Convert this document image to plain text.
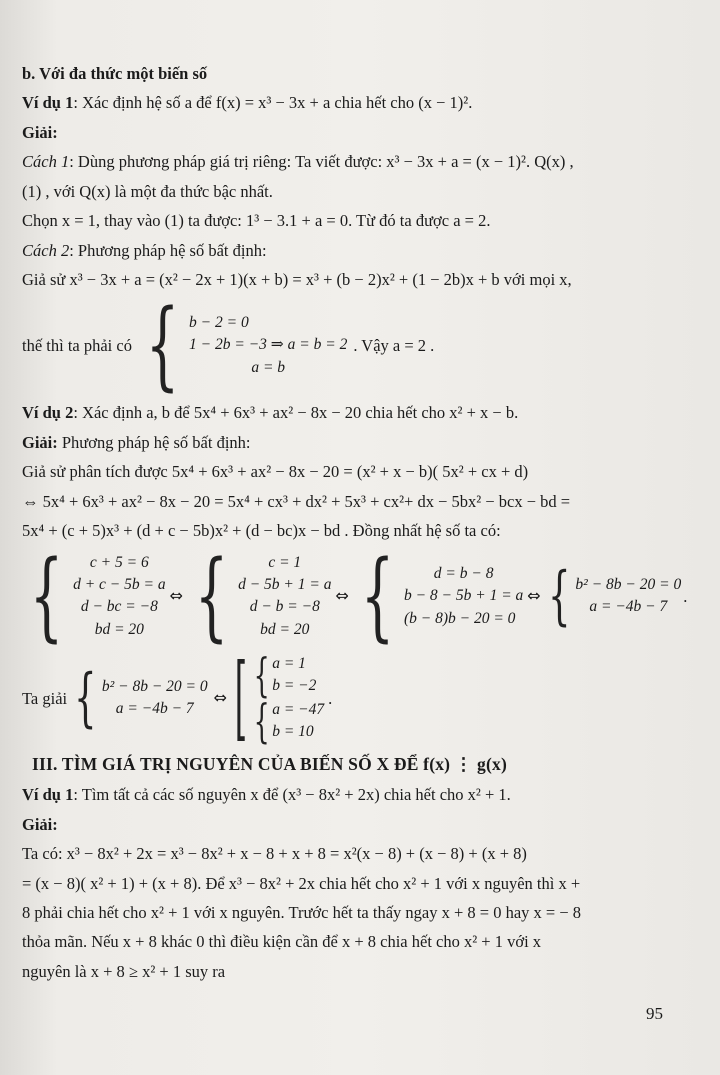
b. Với đa thức một biến số

Ví dụ 1: Xác định hệ số a để f(x) = x³ − 3x + a chia hết cho (x − 1)².

Giải:

Cách 1: Dùng phương pháp giá trị riêng: Ta viết được: x³ − 3x + a = (x − 1)². Q(x) ,

(1) , với Q(x) là một đa thức bậc nhất.

Chọn x = 1, thay vào (1) ta được: 1³ − 3.1 + a = 0. Từ đó ta được a = 2.

Cách 2: Phương pháp hệ số bất định:

Giả sử x³ − 3x + a = (x² − 2x + 1)(x + b) = x³ + (b − 2)x² + (1 − 2b)x + b với mọi x,

thế thì ta phải có { b − 2 = 0
1 − 2b = −3 ⇒ a = b = 2
a = b
. Vậy a = 2 .

Ví dụ 2: Xác định a, b để 5x⁴ + 6x³ + ax² − 8x − 20 chia hết cho x² + x − b.

Giải: Phương pháp hệ số bất định:

Giả sử phân tích được 5x⁴ + 6x³ + ax² − 8x − 20 = (x² + x − b)( 5x² + cx + d)

⇔ 5x⁴ + 6x³ + ax² − 8x − 20 = 5x⁴ + cx³ + dx² + 5x³ + cx²+ dx − 5bx² − bcx − bd =

5x⁴ + (c + 5)x³ + (d + c − 5b)x² + (d − bc)x − bd . Đồng nhất hệ số ta có:

{	c + 5 = 6
d + c − 5b = a
d − bc = −8
bd = 20
⇔ {	c = 1
d − 5b + 1 = a
d − b = −8
bd = 20
⇔ {	d = b − 8
b − 8 − 5b + 1 = a
(b − 8)b − 20 = 0
⇔ { b² − 8b − 20 = 0
a = −4b − 7
.
Ta giải { b² − 8b − 20 = 0
a = −4b − 7
⇔ [ { a = 1
b = −2
{ a = −47
b = 10
.

III. TÌM GIÁ TRỊ NGUYÊN CỦA BIẾN SỐ X ĐỂ f(x) ⋮ g(x)

Ví dụ 1: Tìm tất cả các số nguyên x để (x³ − 8x² + 2x) chia hết cho x² + 1.

Giải:

Ta có: x³ − 8x² + 2x = x³ − 8x² + x − 8 + x + 8 = x²(x − 8) + (x − 8) + (x + 8)

= (x − 8)( x² + 1) + (x + 8). Để x³ − 8x² + 2x chia hết cho x² + 1 với x nguyên thì x +

8 phải chia hết cho x² + 1 với x nguyên. Trước hết ta thấy ngay x + 8 = 0 hay x = − 8

thỏa mãn. Nếu x + 8 khác 0 thì điều kiện cần để x + 8 chia hết cho x² + 1 với x

nguyên là x + 8 ≥ x² + 1 suy ra

95
